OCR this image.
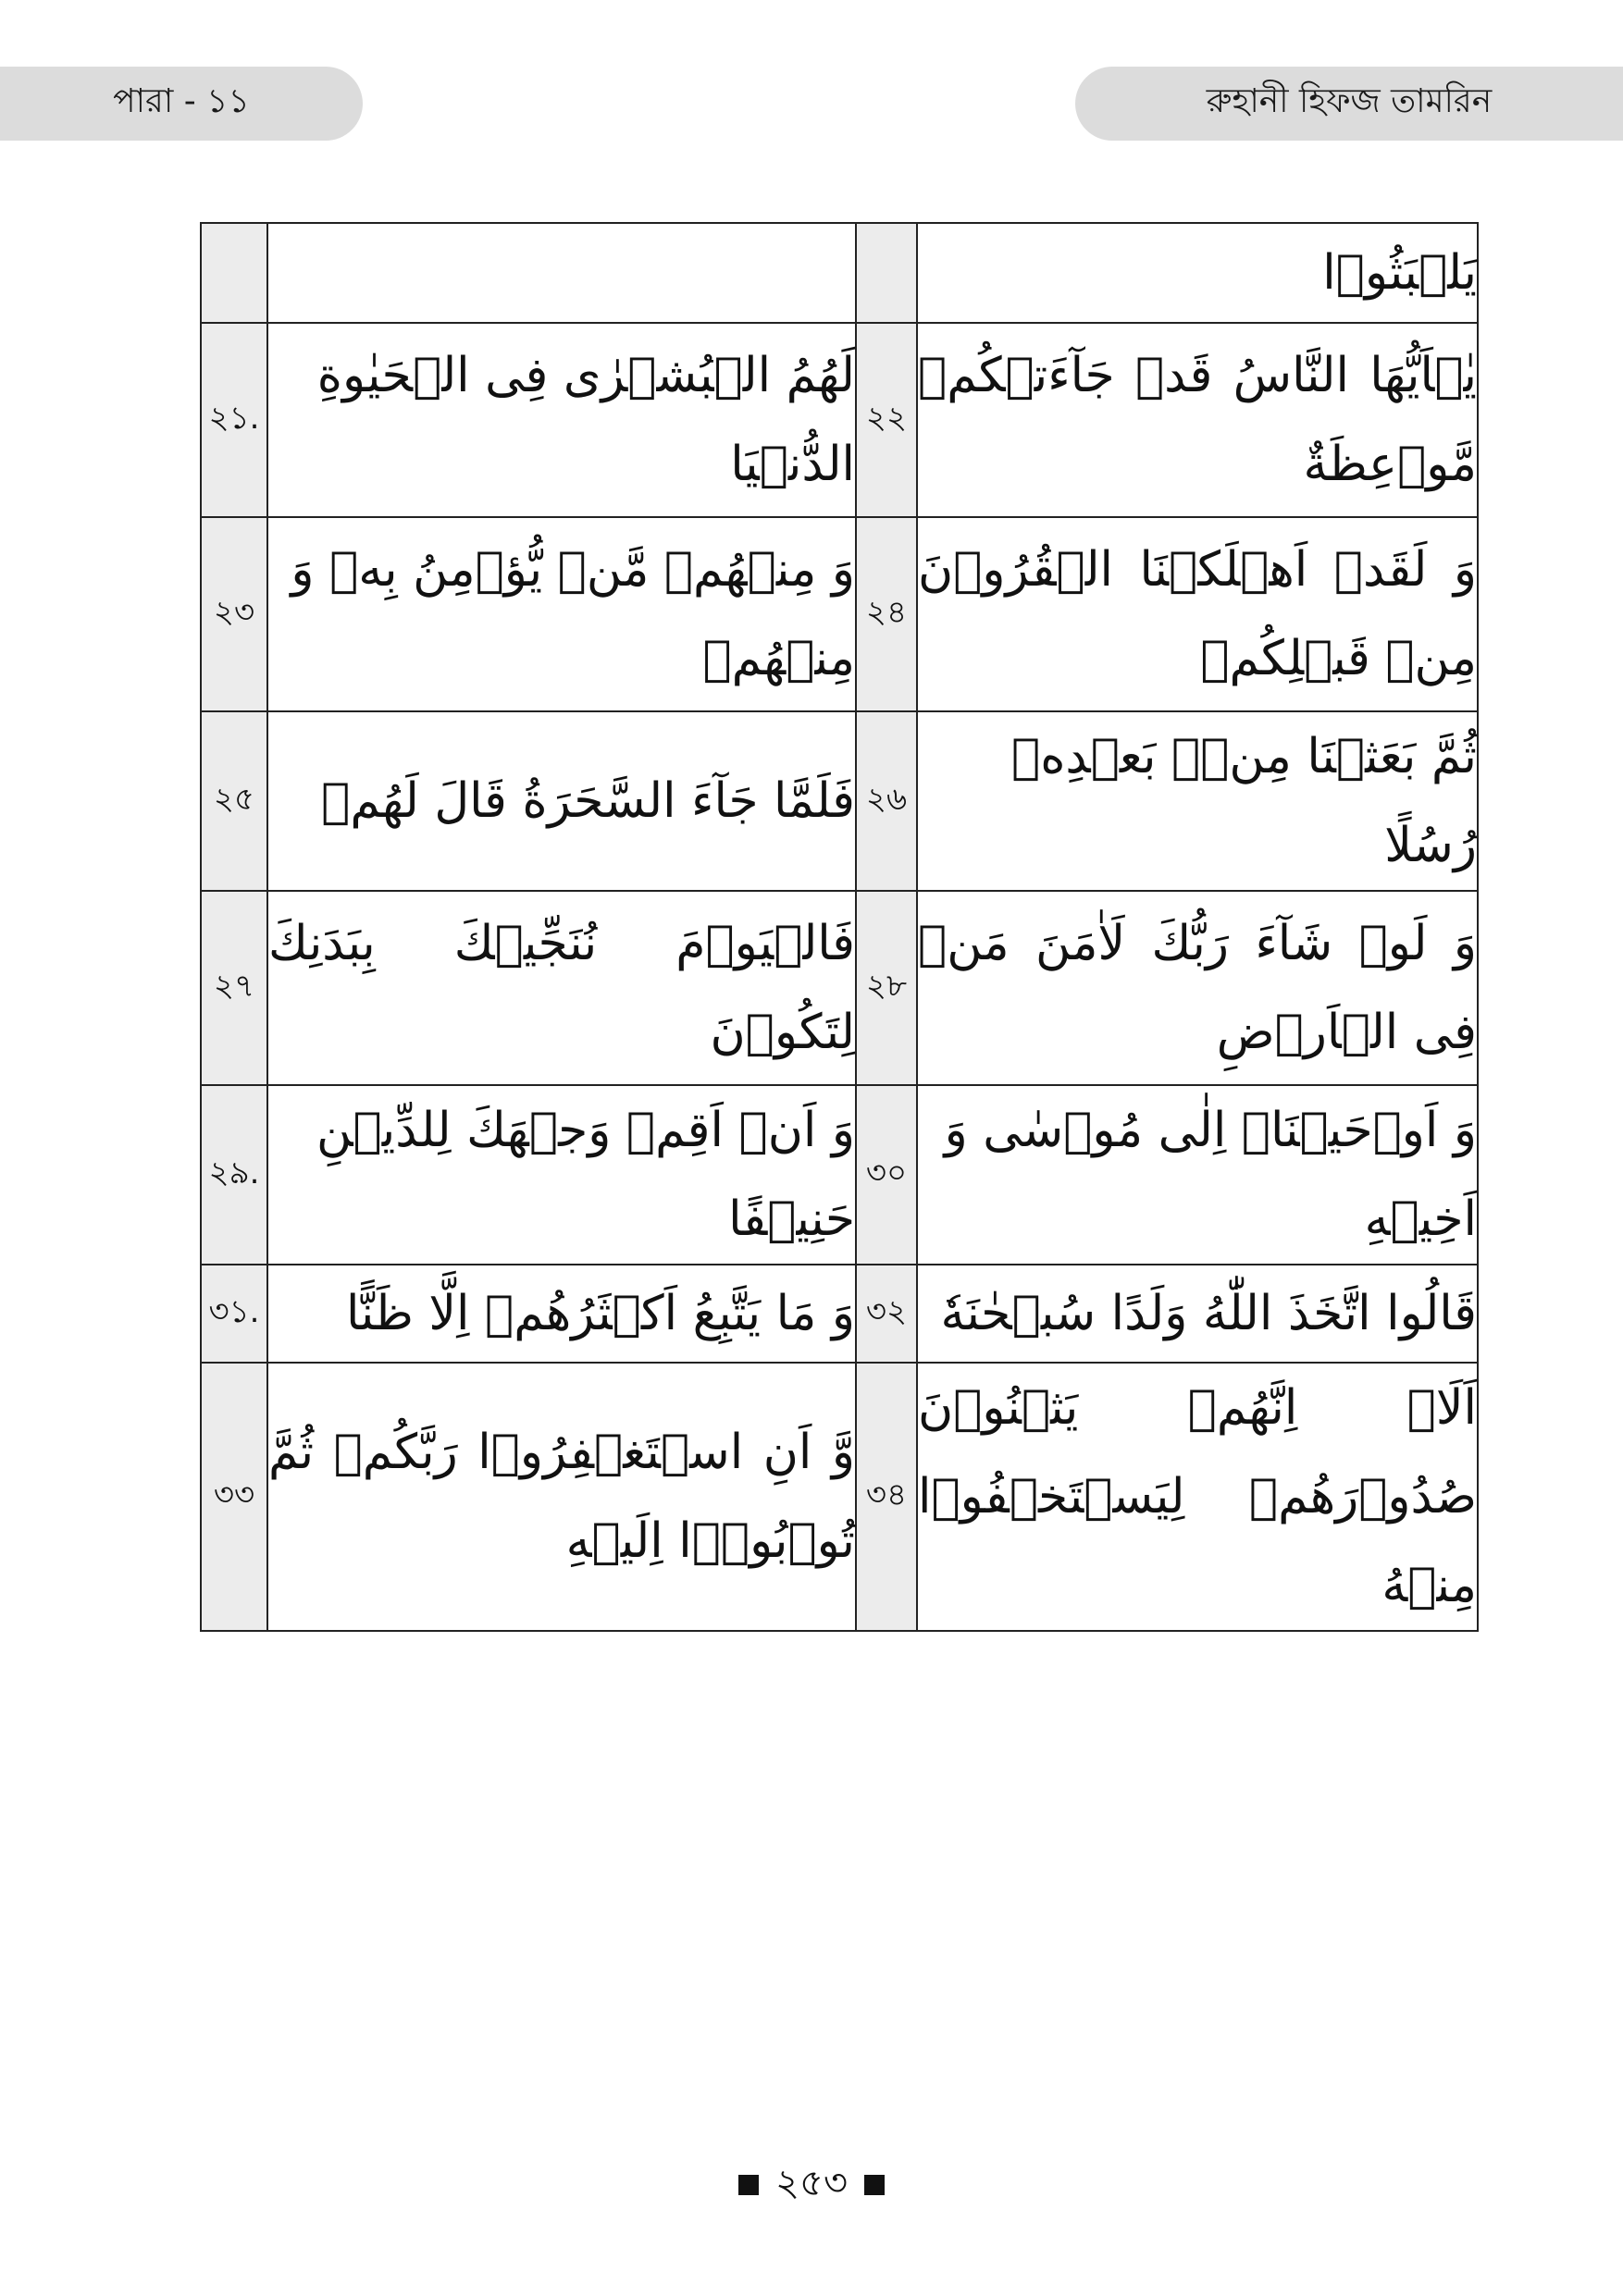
পারা - ১১	রুহানী হিফজ তামরিন
			يَلۡبَثُوۡا
২১.	لَهُمُ الۡبُشۡرٰى فِى الۡحَيٰوةِ الدُّنۡيَا	২২	يٰۤاَيُّهَا النَّاسُ قَدۡ جَآءَتۡكُمۡ مَّوۡعِظَةٌ
২৩	وَ مِنۡهُمۡ مَّنۡ يُّؤۡمِنُ بِهٖ وَ مِنۡهُمۡ	২৪	وَ لَقَدۡ اَهۡلَكۡنَا الۡقُرُوۡنَ مِنۡ قَبۡلِكُمۡ
২৫	فَلَمَّا جَآءَ السَّحَرَةُ قَالَ لَهُمۡ	২৬	ثُمَّ بَعَثۡنَا مِنۡۢ بَعۡدِهٖ رُسُلًا
২৭	فَالۡيَوۡمَ نُنَجِّيۡكَ بِبَدَنِكَ لِتَكُوۡنَ	২৮	وَ لَوۡ شَآءَ رَبُّكَ لَاٰمَنَ مَنۡ فِى الۡاَرۡضِ
২৯.	وَ اَنۡ اَقِمۡ وَجۡهَكَ لِلدِّيۡنِ حَنِيۡفًا	৩০	وَ اَوۡحَيۡنَاۤ اِلٰى مُوۡسٰى وَ اَخِيۡهِ
৩১.	وَ مَا يَتَّبِعُ اَكۡثَرُهُمۡ اِلَّا ظَنًّا	৩২	قَالُوا اتَّخَذَ اللّٰهُ وَلَدًا سُبۡحٰنَهٗ
৩৩	وَّ اَنِ اسۡتَغۡفِرُوۡا رَبَّكُمۡ ثُمَّ تُوۡبُوۡۤا اِلَيۡهِ	৩৪	اَلَاۤ اِنَّهُمۡ يَثۡنُوۡنَ صُدُوۡرَهُمۡ لِيَسۡتَخۡفُوۡا مِنۡهُ
২৫৩
